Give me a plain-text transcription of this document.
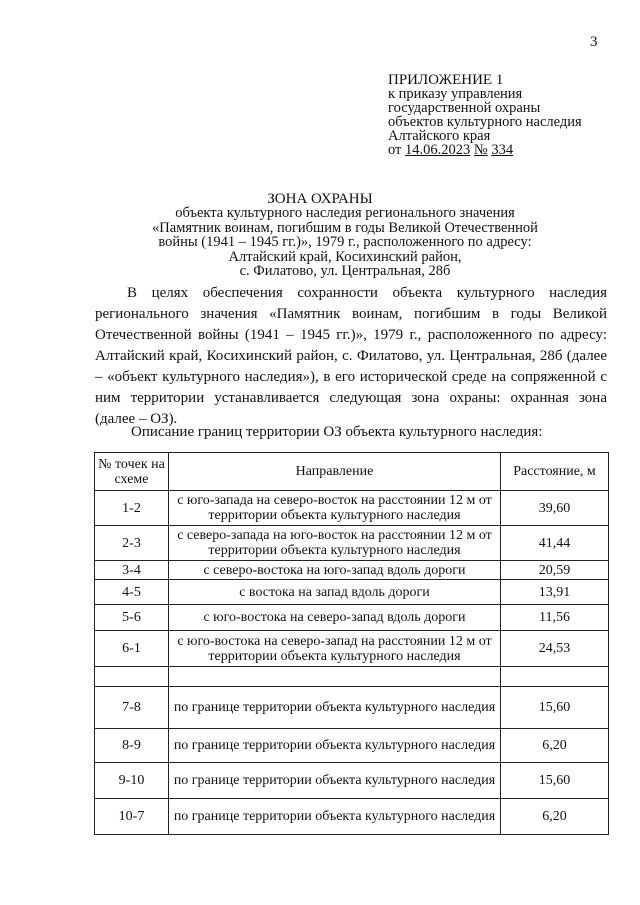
3
ПРИЛОЖЕНИЕ 1
к приказу управления
государственной охраны
объектов культурного наследия
Алтайского края
от 14.06.2023 № 334
ЗОНА ОХРАНЫ
объекта культурного наследия регионального значения
«Памятник воинам, погибшим в годы Великой Отечественной
войны (1941 – 1945 гг.)», 1979 г., расположенного по адресу:
Алтайский край, Косихинский район,
с. Филатово, ул. Центральная, 28б
В целях обеспечения сохранности объекта культурного наследия регионального значения «Памятник воинам, погибшим в годы Великой Отечественной войны (1941 – 1945 гг.)», 1979 г., расположенного по адресу: Алтайский край, Косихинский район, с. Филатово, ул. Центральная, 28б (далее – «объект культурного наследия»), в его исторической среде на сопряженной с ним территории устанавливается следующая зона охраны: охранная зона (далее – ОЗ).
Описание границ территории ОЗ объекта культурного наследия:
№ точек на схеме	Направление	Расстояние, м
1-2	с юго-запада на северо-восток на расстоянии 12 м от территории объекта культурного наследия	39,60
2-3	с северо-запада на юго-восток на расстоянии 12 м от территории объекта культурного наследия	41,44
3-4	с северо-востока на юго-запад вдоль дороги	20,59
4-5	с востока на запад вдоль дороги	13,91
5-6	с юго-востока на северо-запад вдоль дороги	11,56
6-1	с юго-востока на северо-запад на расстоянии 12 м от территории объекта культурного наследия	24,53

7-8	по границе территории объекта культурного наследия	15,60
8-9	по границе территории объекта культурного наследия	6,20
9-10	по границе территории объекта культурного наследия	15,60
10-7	по границе территории объекта культурного наследия	6,20
